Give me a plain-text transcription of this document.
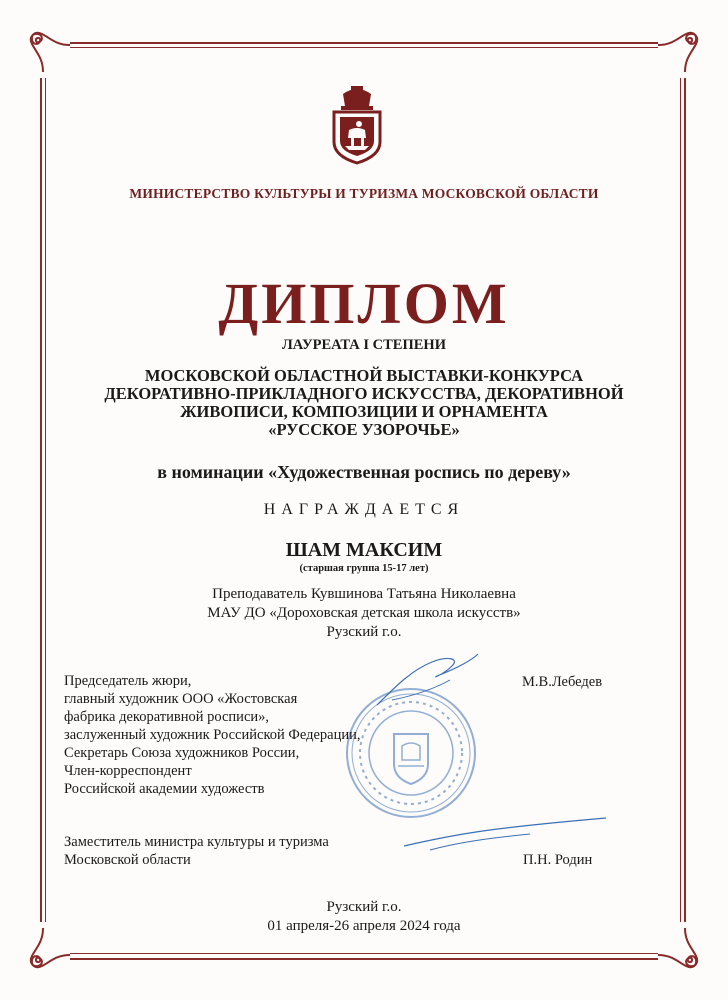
МИНИСТЕРСТВО КУЛЬТУРЫ И ТУРИЗМА МОСКОВСКОЙ ОБЛАСТИ
ДИПЛОМ
ЛАУРЕАТА I СТЕПЕНИ
МОСКОВСКОЙ ОБЛАСТНОЙ ВЫСТАВКИ-КОНКУРСА
ДЕКОРАТИВНО-ПРИКЛАДНОГО ИСКУССТВА, ДЕКОРАТИВНОЙ
ЖИВОПИСИ, КОМПОЗИЦИИ И ОРНАМЕНТА
«РУССКОЕ УЗОРОЧЬЕ»
в номинации «Художественная роспись по дереву»
НАГРАЖДАЕТСЯ
ШАМ МАКСИМ
(старшая группа 15-17 лет)
Преподаватель Кувшинова Татьяна Николаевна
МАУ ДО «Дороховская детская школа искусств»
Рузский г.о.
Председатель жюри,
главный художник ООО «Жостовская
фабрика декоративной росписи»,
заслуженный художник Российской Федерации,
Секретарь Союза художников России,
Член-корреспондент
Российской академии художеств
М.В.Лебедев
Заместитель министра культуры и туризма
Московской области	П.Н. Родин
Рузский г.о.
01 апреля-26 апреля 2024 года
